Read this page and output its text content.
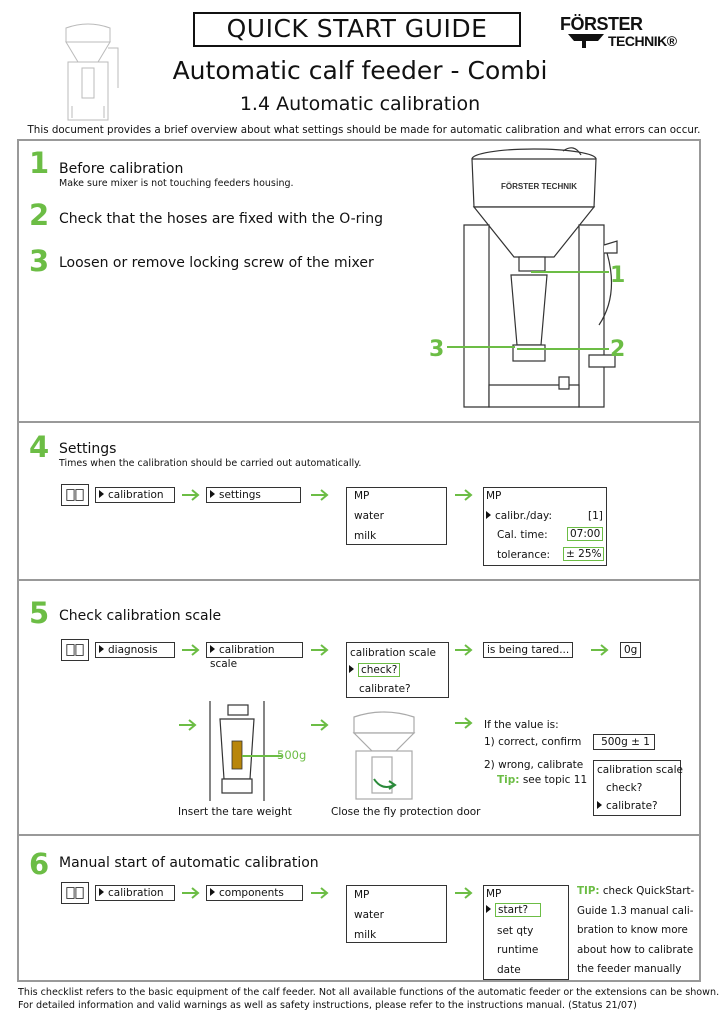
QUICK START GUIDE	FÖRSTER
TECHNIK®
Automatic calf feeder - Combi
1.4 Automatic calibration
This document provides a brief overview about what settings should be made for automatic calibration and what errors can occur.
1 Before calibration
Make sure mixer is not touching feeders housing.
2 Check that the hoses are fixed with the O-ring
3 Loosen or remove locking screw of the mixer
FÖRSTER TECHNIK
1
2
3
4 Settings
Times when the calibration should be carried out automatically.
calibration	settings	MP
water
milk
MP
calibr./day:	[1]
Cal. time: 07:00
tolerance: ± 25%
5 Check calibration scale
diagnosis	calibration scale
calibration scale
check?
calibrate?
is being tared...	0g
500g
Insert the tare weight	Close the fly protection door
If the value is:
1) correct, confirm	500g ± 1
2) wrong, calibrate
Tip: see topic 11
calibration scale
check?
calibrate?
6 Manual start of automatic calibration
calibration	components	MP
water
milk
MP
start?
set qty
runtime
date
TIP: check QuickStart-
Guide 1.3 manual cali-
bration to know more
about how to calibrate
the feeder manually
This checklist refers to the basic equipment of the calf feeder. Not all available functions of the automatic feeder or the extensions can be shown.
For detailed information and valid warnings as well as safety instructions, please refer to the instructions manual. (Status 21/07)
